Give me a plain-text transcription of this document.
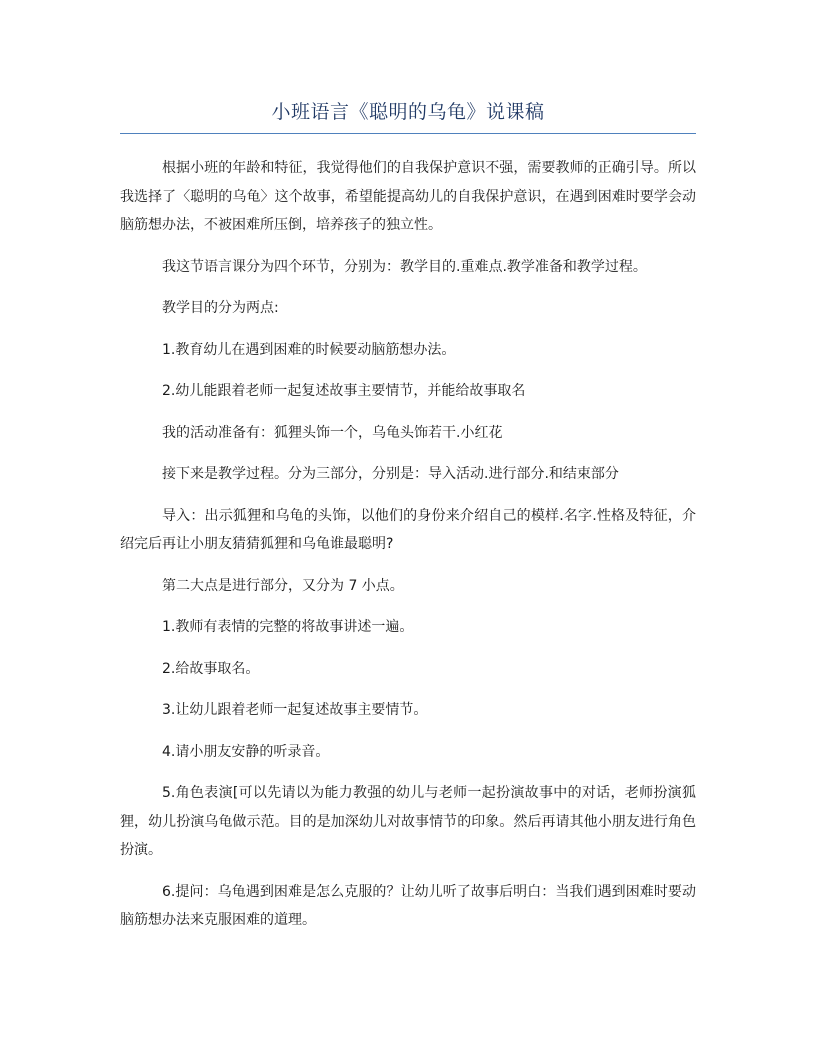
小班语言《聪明的乌龟》说课稿

根据小班的年龄和特征，我觉得他们的自我保护意识不强，需要教师的正确引导。所以我选择了〈聪明的乌龟〉这个故事，希望能提高幼儿的自我保护意识，在遇到困难时要学会动脑筋想办法，不被困难所压倒，培养孩子的独立性。

我这节语言课分为四个环节，分别为：教学目的.重难点.教学准备和教学过程。

教学目的分为两点:

1.教育幼儿在遇到困难的时候要动脑筋想办法。

2.幼儿能跟着老师一起复述故事主要情节，并能给故事取名

我的活动准备有：狐狸头饰一个，乌龟头饰若干.小红花

接下来是教学过程。分为三部分，分别是：导入活动.进行部分.和结束部分

导入：出示狐狸和乌龟的头饰，以他们的身份来介绍自己的模样.名字.性格及特征，介绍完后再让小朋友猜猜狐狸和乌龟谁最聪明?

第二大点是进行部分，又分为 7 小点。

1.教师有表情的完整的将故事讲述一遍。

2.给故事取名。

3.让幼儿跟着老师一起复述故事主要情节。

4.请小朋友安静的听录音。

5.角色表演[可以先请以为能力教强的幼儿与老师一起扮演故事中的对话，老师扮演狐狸，幼儿扮演乌龟做示范。目的是加深幼儿对故事情节的印象。然后再请其他小朋友进行角色扮演。

6.提问：乌龟遇到困难是怎么克服的？让幼儿听了故事后明白：当我们遇到困难时要动脑筋想办法来克服困难的道理。
